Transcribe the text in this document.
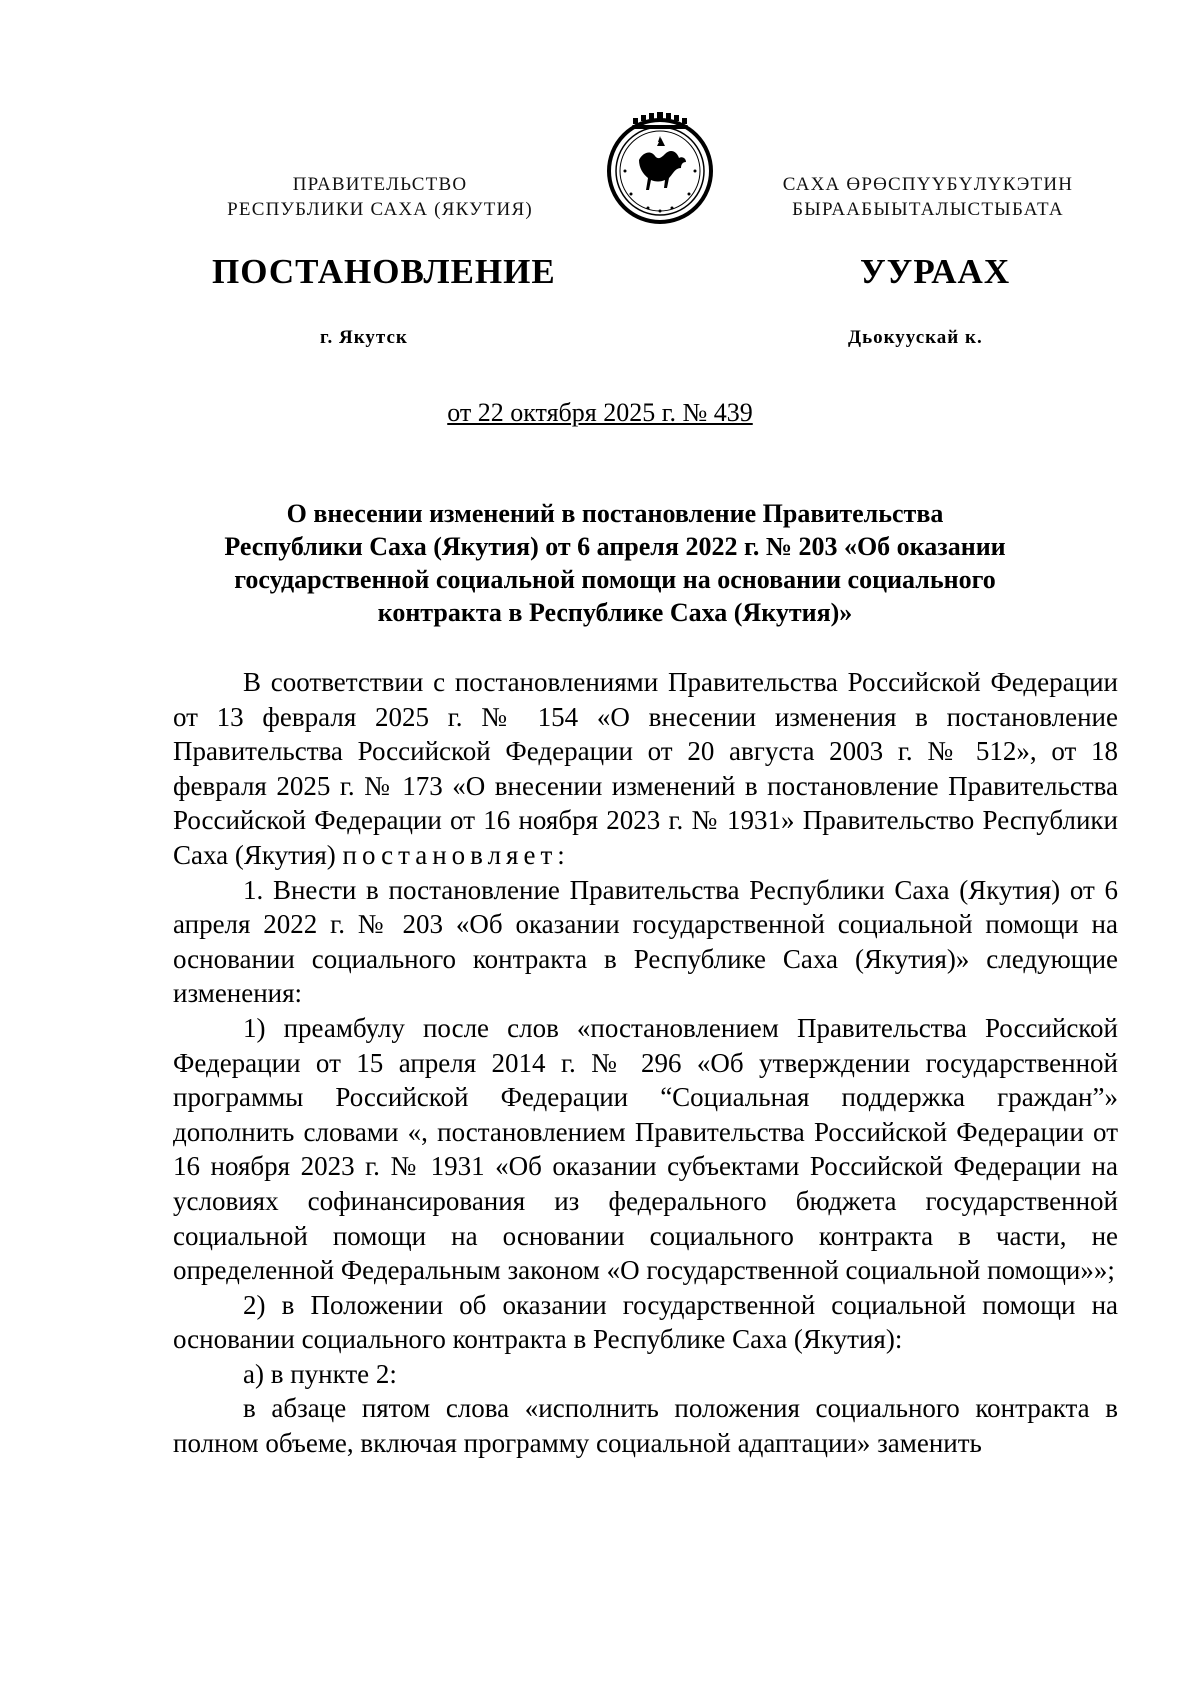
ПРАВИТЕЛЬСТВО
РЕСПУБЛИКИ САХА (ЯКУТИЯ)
САХА ӨРӨСПҮҮБҮЛҮКЭТИН
БЫРААБЫЫТАЛЫСТЫБАТА
ПОСТАНОВЛЕНИЕ	УУРААХ
г. Якутск	Дьокуускай к.
от 22 октября 2025 г. № 439
О внесении изменений в постановление Правительства
Республики Саха (Якутия) от 6 апреля 2022 г. № 203 «Об оказании
государственной социальной помощи на основании социального
контракта в Республике Саха (Якутия)»

В соответствии с постановлениями Правительства Российской Федерации от 13 февраля 2025 г. № 154 «О внесении изменения в постановление Правительства Российской Федерации от 20 августа 2003 г. № 512», от 18 февраля 2025 г. № 173 «О внесении изменений в постановление Правительства Российской Федерации от 16 ноября 2023 г. № 1931» Правительство Республики Саха (Якутия) постановляет:

1. Внести в постановление Правительства Республики Саха (Якутия) от 6 апреля 2022 г. № 203 «Об оказании государственной социальной помощи на основании социального контракта в Республике Саха (Якутия)» следующие изменения:

1) преамбулу после слов «постановлением Правительства Российской Федерации от 15 апреля 2014 г. № 296 «Об утверждении государственной программы Российской Федерации “Социальная поддержка граждан”» дополнить словами «, постановлением Правительства Российской Федерации от 16 ноября 2023 г. № 1931 «Об оказании субъектами Российской Федерации на условиях софинансирования из федерального бюджета государственной социальной помощи на основании социального контракта в части, не определенной Федеральным законом «О государственной социальной помощи»»;

2) в Положении об оказании государственной социальной помощи на основании социального контракта в Республике Саха (Якутия):

а) в пункте 2:

в абзаце пятом слова «исполнить положения социального контракта в полном объеме, включая программу социальной адаптации» заменить
